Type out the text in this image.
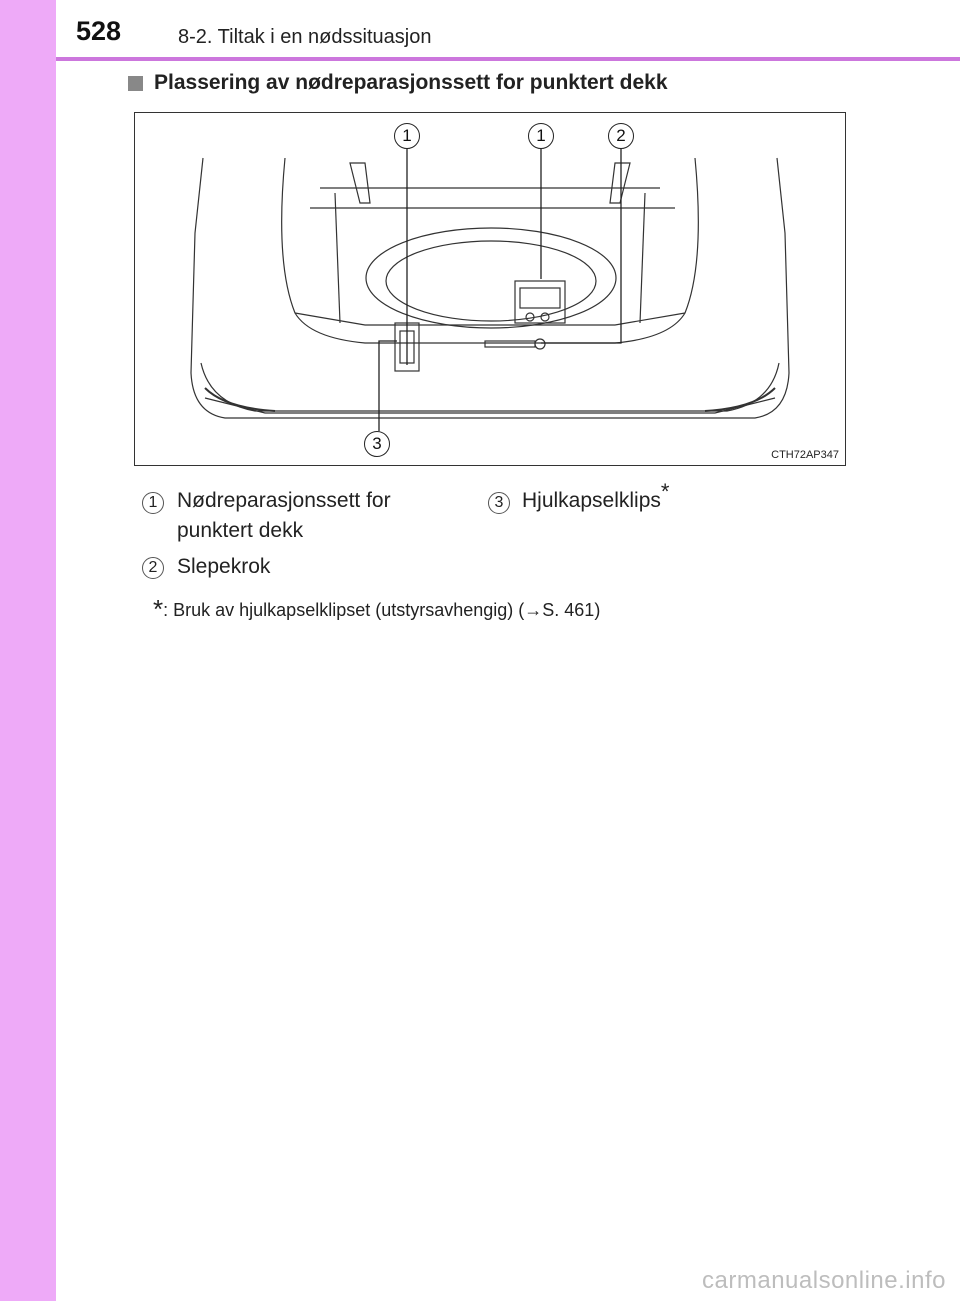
528	8-2. Tiltak i en nødssituasjon
Plassering av nødreparasjonssett for punktert dekk
1	1	2
3
CTH72AP347
1 Nødreparasjonssett for
punktert dekk
2 Slepekrok
3 Hjulkapselklips*
*: Bruk av hjulkapselklipset (utstyrsavhengig) (→S. 461)
carmanualsonline.info
